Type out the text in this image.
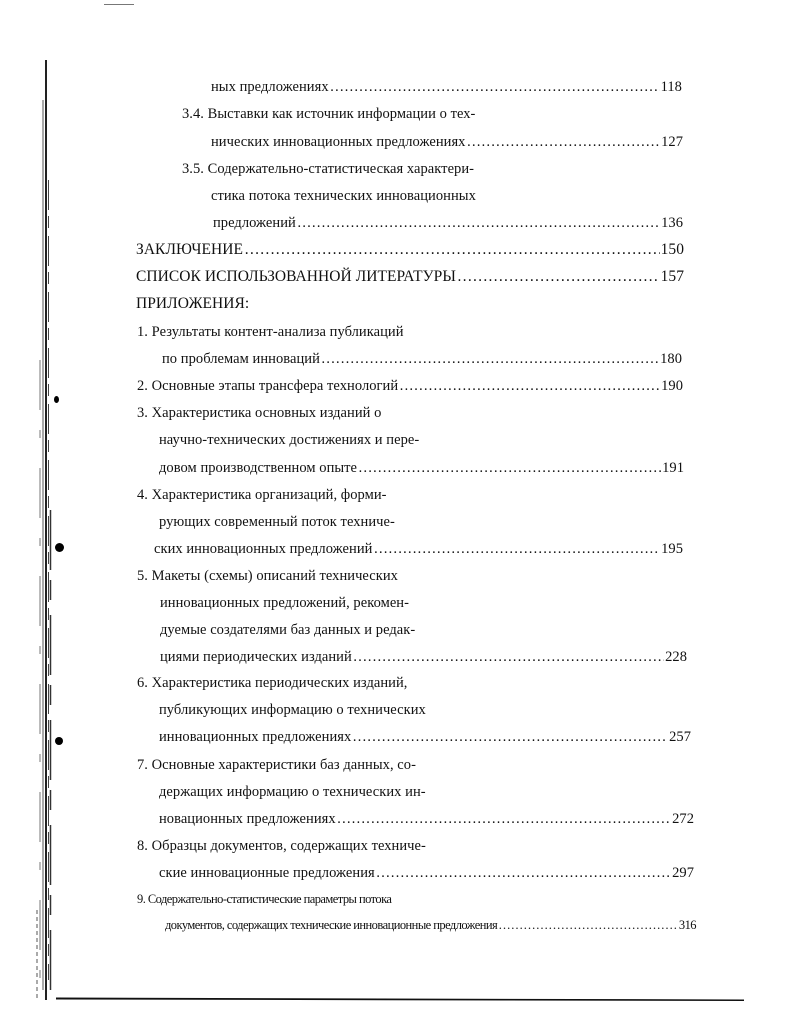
ных предложениях …………………………………………………………………………………………………………………………………………………………………………………………………………………………………………………………	118
3.4. Выставки как источник информации о тех-
нических инновационных предложениях …………………………………………………………………………………………………………………………………………………………………………………………………………………………………………………………	127
3.5. Содержательно-статистическая характери-
стика потока технических инновационных
предложений …………………………………………………………………………………………………………………………………………………………………………………………………………………………………………………………	136
ЗАКЛЮЧЕНИЕ …………………………………………………………………………………………………………………………………………………………………………………………………………………………………………………………	150
СПИСОК ИСПОЛЬЗОВАННОЙ ЛИТЕРАТУРЫ …………………………………………………………………………………………………………………………………………………………………………………………………………………………………………………………	157
ПРИЛОЖЕНИЯ:
1. Результаты контент-анализа публикаций
по проблемам инноваций …………………………………………………………………………………………………………………………………………………………………………………………………………………………………………………………	180
2. Основные этапы трансфера технологий …………………………………………………………………………………………………………………………………………………………………………………………………………………………………………………………	190
3. Характеристика основных изданий о
научно-технических достижениях и пере-
довом производственном опыте …………………………………………………………………………………………………………………………………………………………………………………………………………………………………………………………	191
4. Характеристика организаций, форми-
рующих современный поток техниче-
ских инновационных предложений …………………………………………………………………………………………………………………………………………………………………………………………………………………………………………………………	195
5. Макеты (схемы) описаний технических
инновационных предложений, рекомен-
дуемые создателями баз данных и редак-
циями периодических изданий …………………………………………………………………………………………………………………………………………………………………………………………………………………………………………………………	228
6. Характеристика периодических изданий,
публикующих информацию о технических
инновационных предложениях …………………………………………………………………………………………………………………………………………………………………………………………………………………………………………………………	257
7. Основные характеристики баз данных, со-
держащих информацию о технических ин-
новационных предложениях …………………………………………………………………………………………………………………………………………………………………………………………………………………………………………………………	272
8. Образцы документов, содержащих техниче-
ские инновационные предложения …………………………………………………………………………………………………………………………………………………………………………………………………………………………………………………………	297
9. Содержательно-статистические параметры потока
документов, содержащих технические инновационные предложения …………………………………………………………………………………………………………………………………………………………………………………………………………………………………………………………	316
